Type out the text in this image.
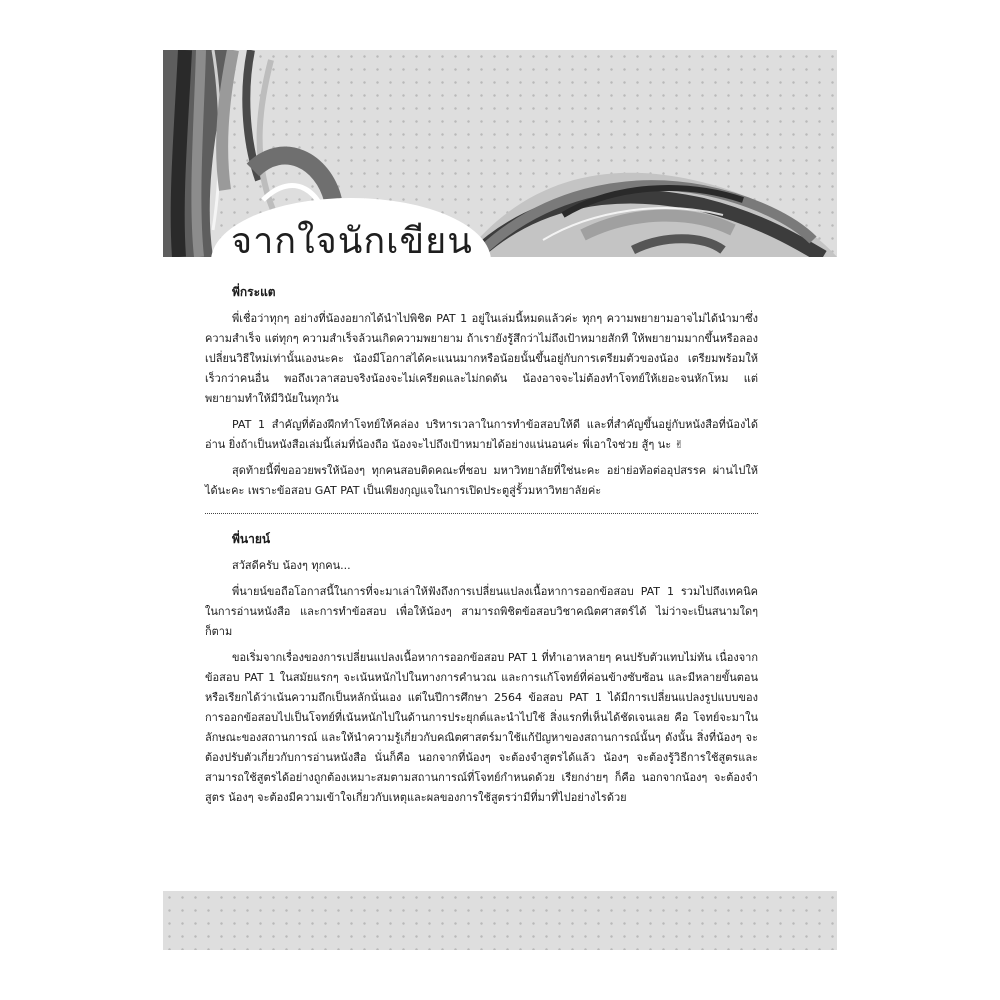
จากใจนักเขียน
พี่กระแต

พี่เชื่อว่าทุกๆ อย่างที่น้องอยากได้นำไปพิชิต PAT 1 อยู่ในเล่มนี้หมดแล้วค่ะ ทุกๆ ความพยายามอาจไม่ได้นำมาซึ่งความสำเร็จ แต่ทุกๆ ความสำเร็จล้วนเกิดความพยายาม ถ้าเรายังรู้สึกว่าไม่ถึงเป้าหมายสักที ให้พยายามมากขึ้นหรือลองเปลี่ยนวิธีใหม่เท่านั้นเองนะคะ น้องมีโอกาสได้คะแนนมากหรือน้อยนั้นขึ้นอยู่กับการเตรียมตัวของน้อง เตรียมพร้อมให้เร็วกว่าคนอื่น พอถึงเวลาสอบจริงน้องจะไม่เครียดและไม่กดดัน น้องอาจจะไม่ต้องทำโจทย์ให้เยอะจนหักโหม แต่พยายามทำให้มีวินัยในทุกวัน

PAT 1 สำคัญที่ต้องฝึกทำโจทย์ให้คล่อง บริหารเวลาในการทำข้อสอบให้ดี และที่สำคัญขึ้นอยู่กับหนังสือที่น้องได้อ่าน ยิ่งถ้าเป็นหนังสือเล่มนี้เล่มที่น้องถือ น้องจะไปถึงเป้าหมายได้อย่างแน่นอนค่ะ พี่เอาใจช่วย สู้ๆ นะ ✌

สุดท้ายนี้พี่ขออวยพรให้น้องๆ ทุกคนสอบติดคณะที่ชอบ มหาวิทยาลัยที่ใช่นะคะ อย่าย่อท้อต่ออุปสรรค ผ่านไปให้ได้นะคะ เพราะข้อสอบ GAT PAT เป็นเพียงกุญแจในการเปิดประตูสู่รั้วมหาวิทยาลัยค่ะ

พี่นายน์

สวัสดีครับ น้องๆ ทุกคน...

พี่นายน์ขอถือโอกาสนี้ในการที่จะมาเล่าให้ฟังถึงการเปลี่ยนแปลงเนื้อหาการออกข้อสอบ PAT 1 รวมไปถึงเทคนิคในการอ่านหนังสือ และการทำข้อสอบ เพื่อให้น้องๆ สามารถพิชิตข้อสอบวิชาคณิตศาสตร์ได้ ไม่ว่าจะเป็นสนามใดๆ ก็ตาม

ขอเริ่มจากเรื่องของการเปลี่ยนแปลงเนื้อหาการออกข้อสอบ PAT 1 ที่ทำเอาหลายๆ คนปรับตัวแทบไม่ทัน เนื่องจากข้อสอบ PAT 1 ในสมัยแรกๆ จะเน้นหนักไปในทางการคำนวณ และการแก้โจทย์ที่ค่อนข้างซับซ้อน และมีหลายขั้นตอน หรือเรียกได้ว่าเน้นความถึกเป็นหลักนั่นเอง แต่ในปีการศึกษา 2564 ข้อสอบ PAT 1 ได้มีการเปลี่ยนแปลงรูปแบบของการออกข้อสอบไปเป็นโจทย์ที่เน้นหนักไปในด้านการประยุกต์และนำไปใช้ สิ่งแรกที่เห็นได้ชัดเจนเลย คือ โจทย์จะมาในลักษณะของสถานการณ์ และให้นำความรู้เกี่ยวกับคณิตศาสตร์มาใช้แก้ปัญหาของสถานการณ์นั้นๆ ดังนั้น สิ่งที่น้องๆ จะต้องปรับตัวเกี่ยวกับการอ่านหนังสือ นั่นก็คือ นอกจากที่น้องๆ จะต้องจำสูตรได้แล้ว น้องๆ จะต้องรู้วิธีการใช้สูตรและสามารถใช้สูตรได้อย่างถูกต้องเหมาะสมตามสถานการณ์ที่โจทย์กำหนดด้วย เรียกง่ายๆ ก็คือ นอกจากน้องๆ จะต้องจำสูตร น้องๆ จะต้องมีความเข้าใจเกี่ยวกับเหตุและผลของการใช้สูตรว่ามีที่มาที่ไปอย่างไรด้วย
